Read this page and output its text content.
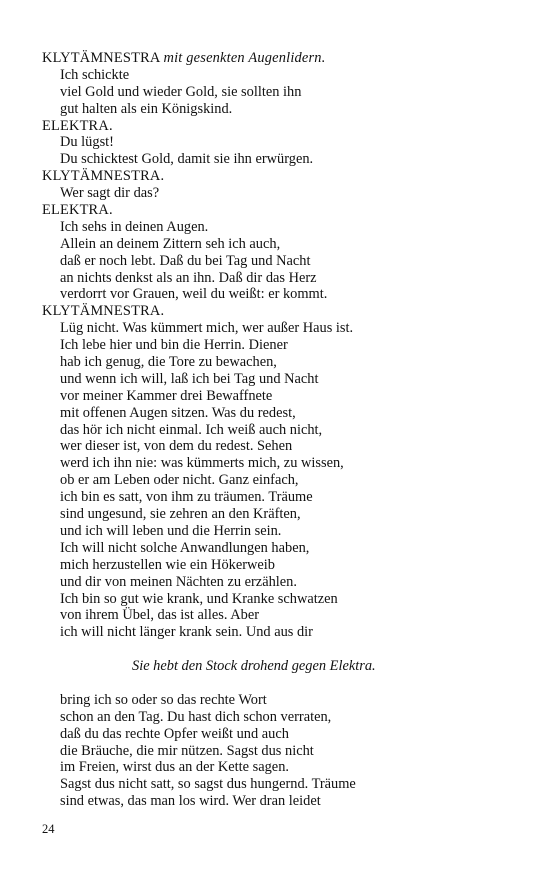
KLYTÄMNESTRA mit gesenkten Augenlidern.
Ich schickte
viel Gold und wieder Gold, sie sollten ihn
gut halten als ein Königskind.
ELEKTRA.
Du lügst!
Du schicktest Gold, damit sie ihn erwürgen.
KLYTÄMNESTRA.
Wer sagt dir das?
ELEKTRA.
Ich sehs in deinen Augen.
Allein an deinem Zittern seh ich auch,
daß er noch lebt. Daß du bei Tag und Nacht
an nichts denkst als an ihn. Daß dir das Herz
verdorrt vor Grauen, weil du weißt: er kommt.
KLYTÄMNESTRA.
Lüg nicht. Was kümmert mich, wer außer Haus ist.
Ich lebe hier und bin die Herrin. Diener
hab ich genug, die Tore zu bewachen,
und wenn ich will, laß ich bei Tag und Nacht
vor meiner Kammer drei Bewaffnete
mit offenen Augen sitzen. Was du redest,
das hör ich nicht einmal. Ich weiß auch nicht,
wer dieser ist, von dem du redest. Sehen
werd ich ihn nie: was kümmerts mich, zu wissen,
ob er am Leben oder nicht. Ganz einfach,
ich bin es satt, von ihm zu träumen. Träume
sind ungesund, sie zehren an den Kräften,
und ich will leben und die Herrin sein.
Ich will nicht solche Anwandlungen haben,
mich herzustellen wie ein Hökerweib
und dir von meinen Nächten zu erzählen.
Ich bin so gut wie krank, und Kranke schwatzen
von ihrem Übel, das ist alles. Aber
ich will nicht länger krank sein. Und aus dir
Sie hebt den Stock drohend gegen Elektra.
bring ich so oder so das rechte Wort
schon an den Tag. Du hast dich schon verraten,
daß du das rechte Opfer weißt und auch
die Bräuche, die mir nützen. Sagst dus nicht
im Freien, wirst dus an der Kette sagen.
Sagst dus nicht satt, so sagst dus hungernd. Träume
sind etwas, das man los wird. Wer dran leidet
24
